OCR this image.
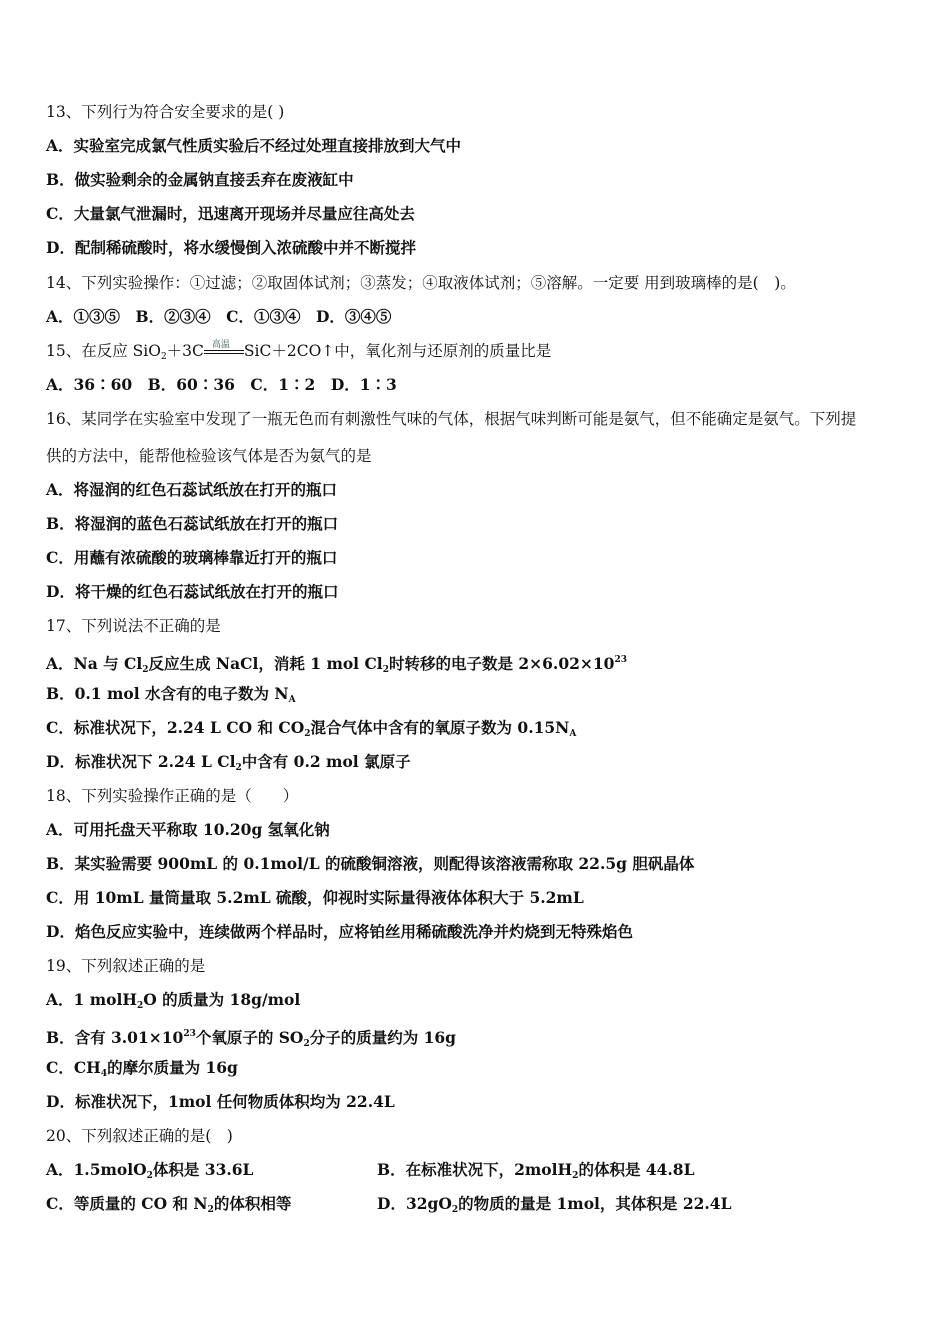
13、下列行为符合安全要求的是( )
A．实验室完成氯气性质实验后不经过处理直接排放到大气中
B．做实验剩余的金属钠直接丢弃在废液缸中
C．大量氯气泄漏时，迅速离开现场并尽量应往高处去
D．配制稀硫酸时，将水缓慢倒入浓硫酸中并不断搅拌
14、下列实验操作：①过滤；②取固体试剂；③蒸发；④取液体试剂；⑤溶解。一定要 用到玻璃棒的是(　)。
A．①③⑤　B．②③④　C．①③④　D．③④⑤
15、在反应 SiO$_2$＋3C 高温 SiC＋2CO↑中，氧化剂与还原剂的质量比是
A．36∶60　B．60∶36　C．1∶2　D．1∶3
16、某同学在实验室中发现了一瓶无色而有刺激性气味的气体，根据气味判断可能是氨气，但不能确定是氨气。下列提
供的方法中，能帮他检验该气体是否为氨气的是
A．将湿润的红色石蕊试纸放在打开的瓶口
B．将湿润的蓝色石蕊试纸放在打开的瓶口
C．用蘸有浓硫酸的玻璃棒靠近打开的瓶口
D．将干燥的红色石蕊试纸放在打开的瓶口
17、下列说法不正确的是
A．Na 与 $Cl_2$反应生成 NaCl，消耗 1 mol $Cl_2$时转移的电子数是 $2\times 6.02\times 10^{23}$
B．0.1 mol 水含有的电子数为 $N_A$
C．标准状况下，2.24 L CO 和 $CO_2$混合气体中含有的氧原子数为 $0.15N_A$
D．标准状况下 2.24 L $Cl_2$中含有 0.2 mol 氯原子
18、下列实验操作正确的是（　　）
A．可用托盘天平称取 10.20g 氢氧化钠
B．某实验需要 900mL 的 0.1mol/L 的硫酸铜溶液，则配得该溶液需称取 22.5g 胆矾晶体
C．用 10mL 量筒量取 5.2mL 硫酸，仰视时实际量得液体体积大于 5.2mL
D．焰色反应实验中，连续做两个样品时，应将铂丝用稀硫酸洗净并灼烧到无特殊焰色
19、下列叙述正确的是
A．1 molH$_2$O 的质量为 18g/mol
B．含有 $3.01\times 10^{23}$个氧原子的 $SO_2$分子的质量约为 16g
C．$CH_4$的摩尔质量为 16g
D．标准状况下，1mol 任何物质体积均为 22.4L
20、下列叙述正确的是(　)
A．1.5molO$_2$体积是 33.6L	B．在标准状况下，2molH$_2$的体积是 44.8L
C．等质量的 CO 和 $N_2$的体积相等	D．$32gO_2$的物质的量是 1mol，其体积是 22.4L
